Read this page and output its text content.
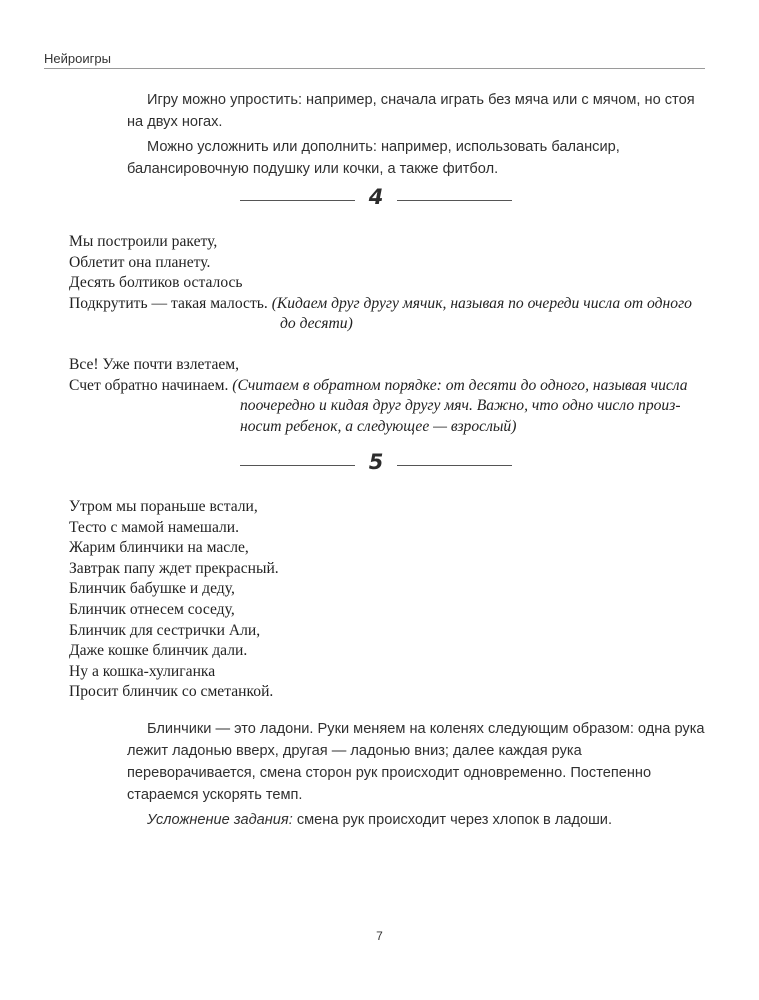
Нейроигры

Игру можно упростить: например, сначала играть без мяча или с мячом, но стоя на двух ногах.

Можно усложнить или дополнить: например, использовать балансир, балансировочную подушку или кочки, а также фитбол.

4
Мы построили ракету,
Облетит она планету.
Десять болтиков осталось
Подкрутить — такая малость. (Кидаем друг другу мячик, называя по очереди числа от одного
до десяти)
Все! Уже почти взлетаем,
Счет обратно начинаем. (Считаем в обратном порядке: от десяти до одного, называя числа
поочередно и кидая друг другу мяч. Важно, что одно число произ-
носит ребенок, а следующее — взрослый)
5
Утром мы пораньше встали,
Тесто с мамой намешали.
Жарим блинчики на масле,
Завтрак папу ждет прекрасный.
Блинчик бабушке и деду,
Блинчик отнесем соседу,
Блинчик для сестрички Али,
Даже кошке блинчик дали.
Ну а кошка-хулиганка
Просит блинчик со сметанкой.

Блинчики — это ладони. Руки меняем на коленях следующим образом: одна рука лежит ладонью вверх, другая — ладонью вниз; далее каждая рука переворачивается, смена сторон рук происходит одновременно. Постепенно стараемся ускорять темп.

Усложнение задания: смена рук происходит через хлопок в ладоши.

7
